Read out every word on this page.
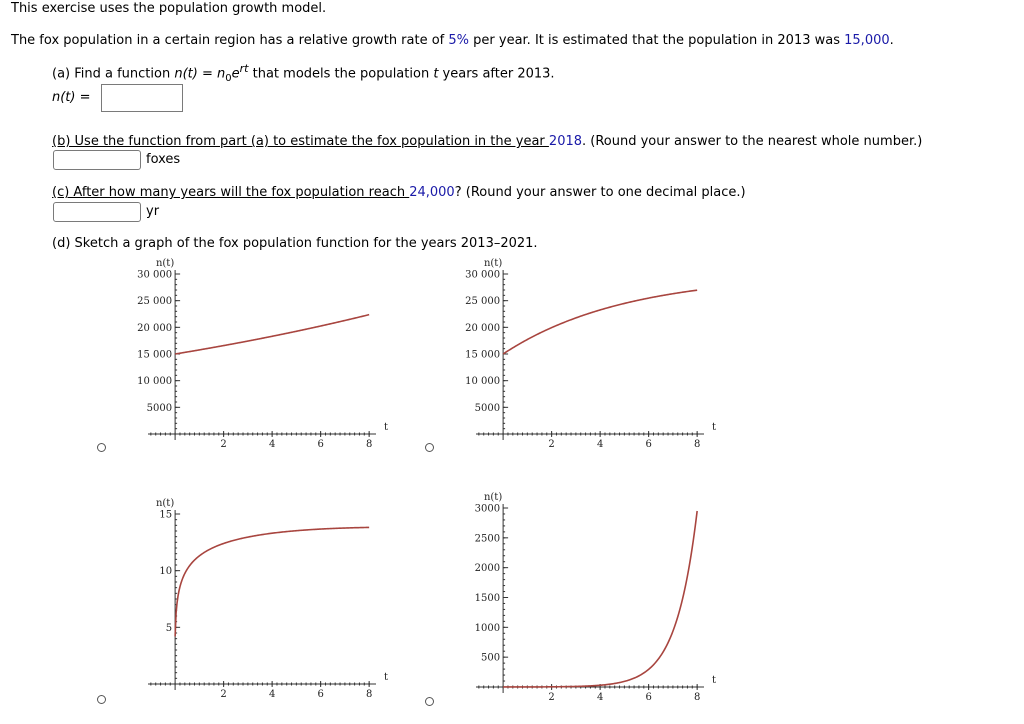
This exercise uses the population growth model.
The fox population in a certain region has a relative growth rate of 5% per year. It is estimated that the population in 2013 was 15,000.
(a) Find a function $n(t) = n_0e^{rt}$ that models the population t years after 2013.
n(t) =
(b) Use the function from part (a) to estimate the fox population in the year 2018. (Round your answer to the nearest whole number.)
foxes
(c) After how many years will the fox population reach 24,000? (Round your answer to one decimal place.)
yr
(d) Sketch a graph of the fox population function for the years 2013–2021.
2	4	6	8
5000
10 000
15 000
20 000
25 000
30 000
n(t)
t
2	4	6	8
5000
10 000
15 000
20 000
25 000
30 000
n(t)
t
2	4	6	8
5
10
15
n(t)
t
2	4	6	8
500
1000
1500
2000
2500
3000
n(t)
t
